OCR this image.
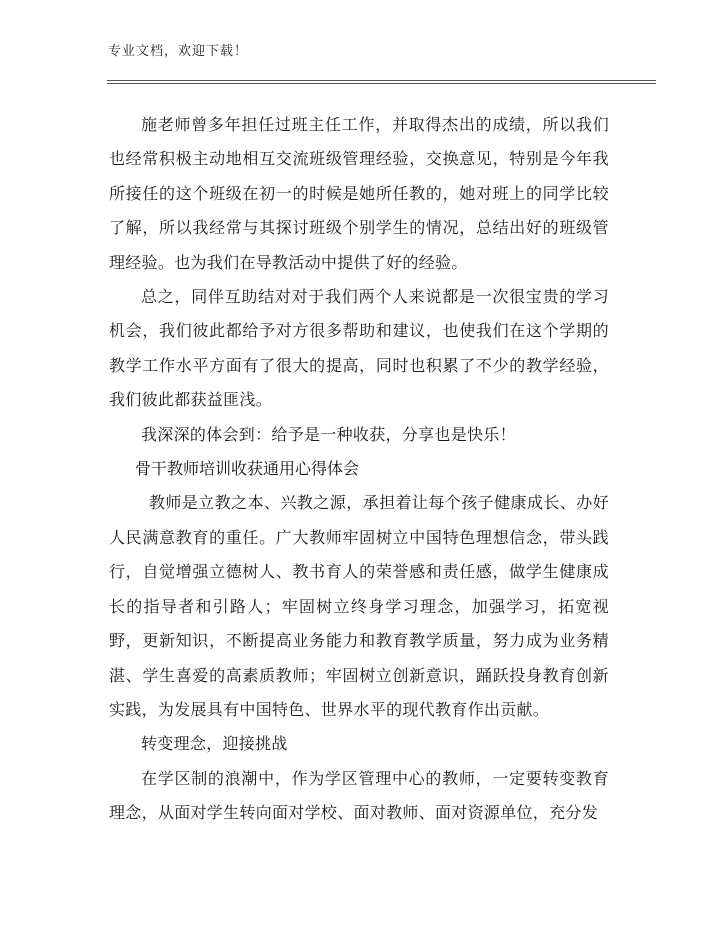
专业文档，欢迎下载！

施老师曾多年担任过班主任工作，并取得杰出的成绩，所以我们也经常积极主动地相互交流班级管理经验，交换意见，特别是今年我所接任的这个班级在初一的时候是她所任教的，她对班上的同学比较了解，所以我经常与其探讨班级个别学生的情况，总结出好的班级管理经验。也为我们在导教活动中提供了好的经验。

总之，同伴互助结对对于我们两个人来说都是一次很宝贵的学习机会，我们彼此都给予对方很多帮助和建议，也使我们在这个学期的教学工作水平方面有了很大的提高，同时也积累了不少的教学经验，我们彼此都获益匪浅。

我深深的体会到：给予是一种收获，分享也是快乐！

骨干教师培训收获通用心得体会

教师是立教之本、兴教之源，承担着让每个孩子健康成长、办好人民满意教育的重任。广大教师牢固树立中国特色理想信念，带头践行，自觉增强立德树人、教书育人的荣誉感和责任感，做学生健康成长的指导者和引路人；牢固树立终身学习理念，加强学习，拓宽视野，更新知识，不断提高业务能力和教育教学质量，努力成为业务精湛、学生喜爱的高素质教师；牢固树立创新意识，踊跃投身教育创新实践，为发展具有中国特色、世界水平的现代教育作出贡献。

转变理念，迎接挑战

在学区制的浪潮中，作为学区管理中心的教师，一定要转变教育理念，从面对学生转向面对学校、面对教师、面对资源单位，充分发
